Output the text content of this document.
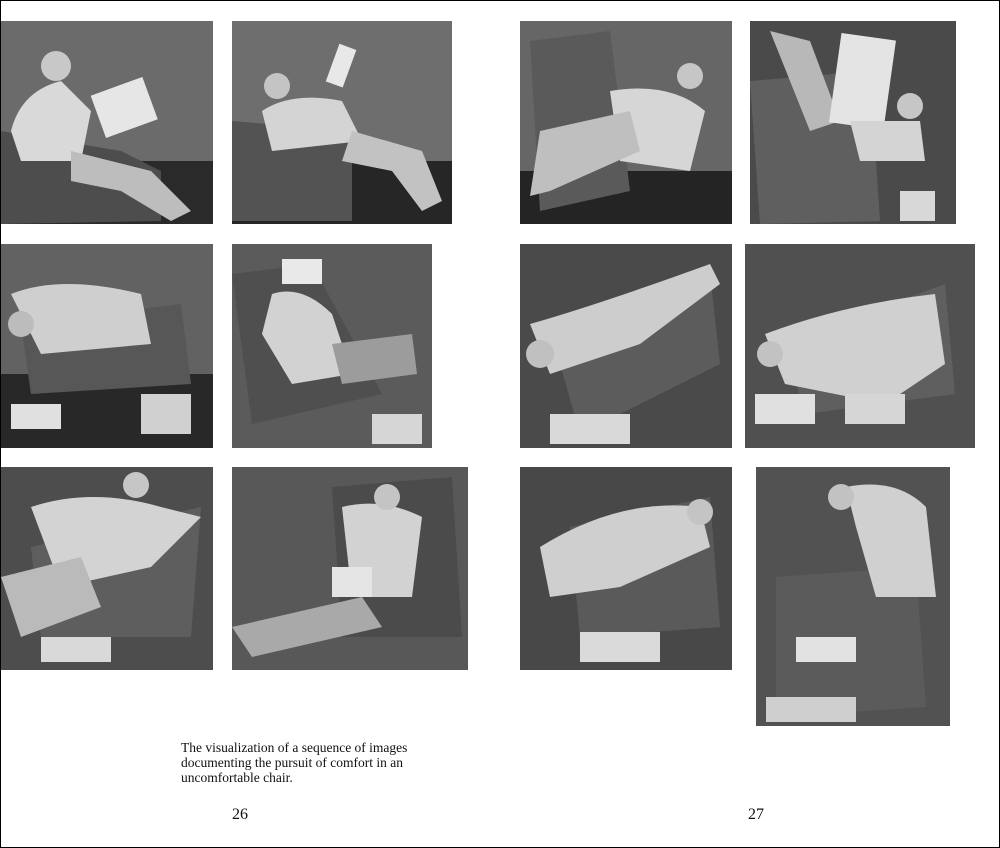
The visualization of a sequence of images
documenting the pursuit of comfort in an
uncomfortable chair.

26	27
